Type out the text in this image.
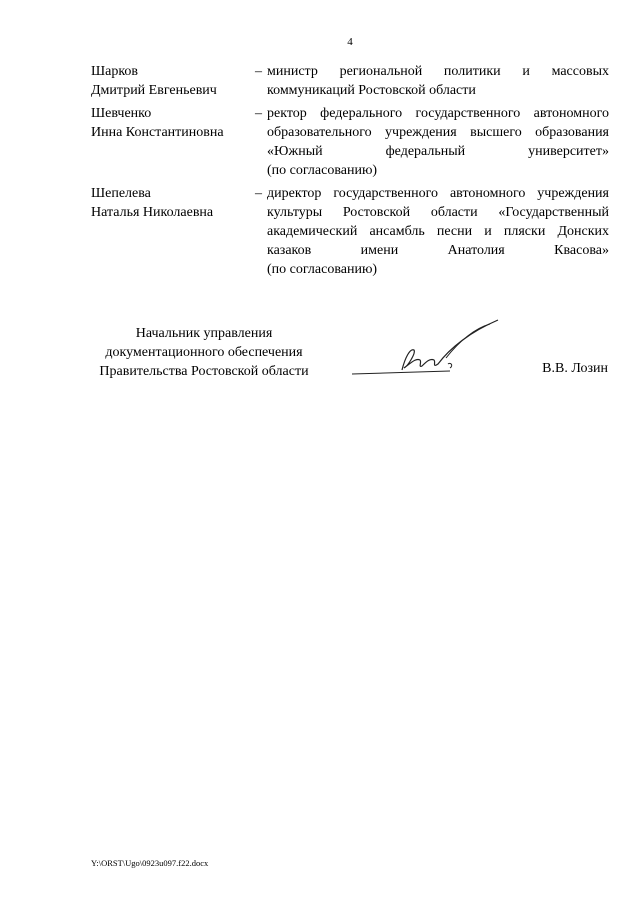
4
Шарков
Дмитрий Евгеньевич
– министр региональной политики и массовых
коммуникаций Ростовской области
Шевченко
Инна Константиновна
– ректор федерального государственного автономного
образовательного учреждения высшего образования
«Южный федеральный университет»
(по согласованию)
Шепелева
Наталья Николаевна
– директор государственного автономного учреждения
культуры Ростовской области «Государственный
академический ансамбль песни и пляски Донских
казаков имени Анатолия Квасова»
(по согласованию)
Начальник управления
документационного обеспечения
Правительства Ростовской области	В.В. Лозин
Y:\ORST\Ugo\0923u097.f22.docx
